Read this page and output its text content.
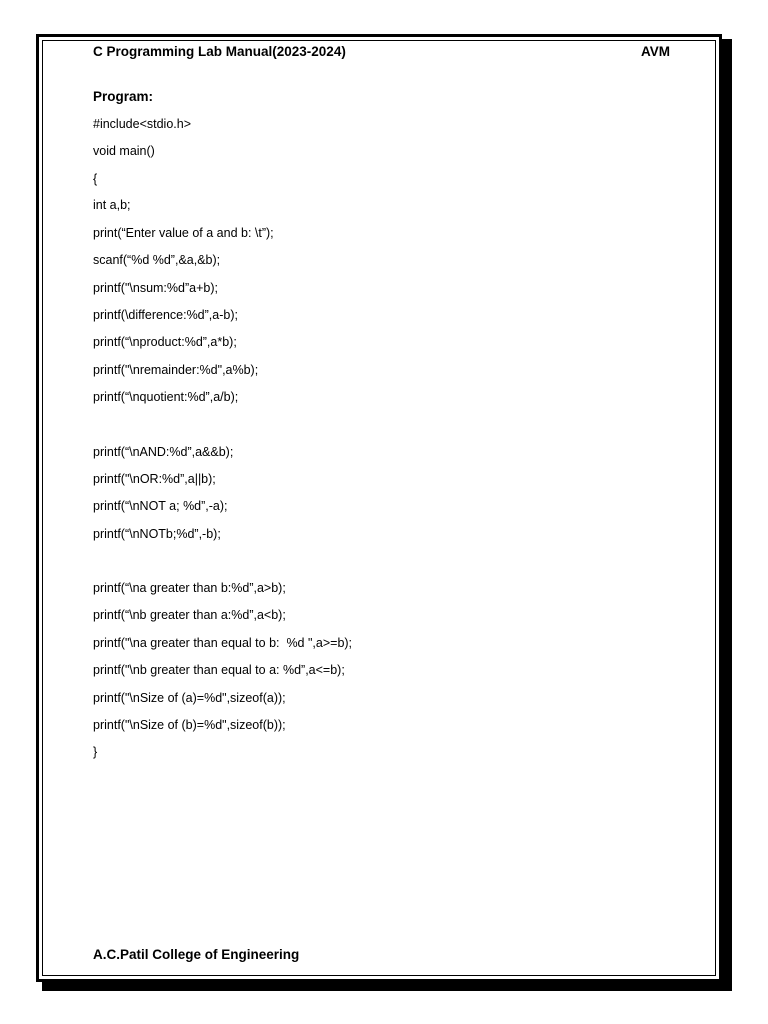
C Programming Lab Manual(2023-2024)	AVM
Program:
#include<stdio.h>
void main()
{
int a,b;
print(“Enter value of a and b: \t”);
scanf(“%d %d”,&a,&b);
printf("\nsum:%d”a+b);
printf(\difference:%d”,a-b);
printf(“\nproduct:%d”,a*b);
printf("\nremainder:%d",a%b);
printf(“\nquotient:%d”,a/b);
printf(“\nAND:%d”,a&&b);
printf("\nOR:%d”,a||b);
printf(“\nNOT a; %d”,-a);
printf(“\nNOTb;%d”,-b);
printf(“\na greater than b:%d”,a>b);
printf(“\nb greater than a:%d”,a<b);
printf("\na greater than equal to b:  %d ",a>=b);
printf("\nb greater than equal to a: %d”,a<=b);
printf("\nSize of (a)=%d",sizeof(a));
printf("\nSize of (b)=%d",sizeof(b));
}
A.C.Patil College of Engineering
